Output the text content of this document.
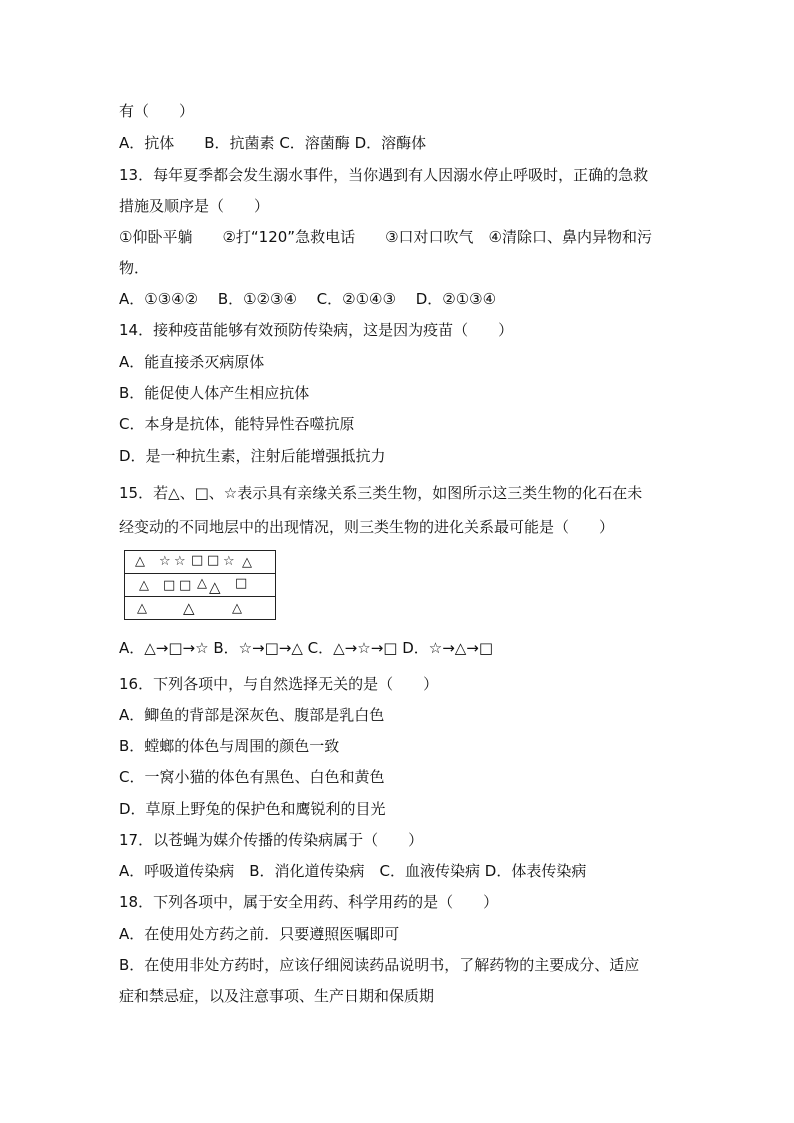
有（　　）
A．抗体　　B．抗菌素 C．溶菌酶 D．溶酶体
13．每年夏季都会发生溺水事件，当你遇到有人因溺水停止呼吸时，正确的急救
措施及顺序是（　　）
①仰卧平躺　　②打“120”急救电话　　③口对口吹气　④清除口、鼻内异物和污
物．
A．①③④②　 B．①②③④　 C．②①④③　 D．②①③④
14．接种疫苗能够有效预防传染病，这是因为疫苗（　　）
A．能直接杀灭病原体
B．能促使人体产生相应抗体
C．本身是抗体，能特异性吞噬抗原
D．是一种抗生素，注射后能增强抵抗力
15．若△、□、☆表示具有亲缘关系三类生物，如图所示这三类生物的化石在未
经变动的不同地层中的出现情况，则三类生物的进化关系最可能是（　　）
△ ☆ ☆ □ □ ☆ △
△ □ □ △ △ □
△ △	△
A．△→□→☆ B．☆→□→△ C．△→☆→□ D．☆→△→□
16．下列各项中，与自然选择无关的是（　　）
A．鲫鱼的背部是深灰色、腹部是乳白色
B．螳螂的体色与周围的颜色一致
C．一窝小猫的体色有黑色、白色和黄色
D．草原上野兔的保护色和鹰锐利的目光
17．以苍蝇为媒介传播的传染病属于（　　）
A．呼吸道传染病　B．消化道传染病　C．血液传染病 D．体表传染病
18．下列各项中，属于安全用药、科学用药的是（　　）
A．在使用处方药之前．只要遵照医嘱即可
B．在使用非处方药时，应该仔细阅读药品说明书，了解药物的主要成分、适应
症和禁忌症，以及注意事项、生产日期和保质期
